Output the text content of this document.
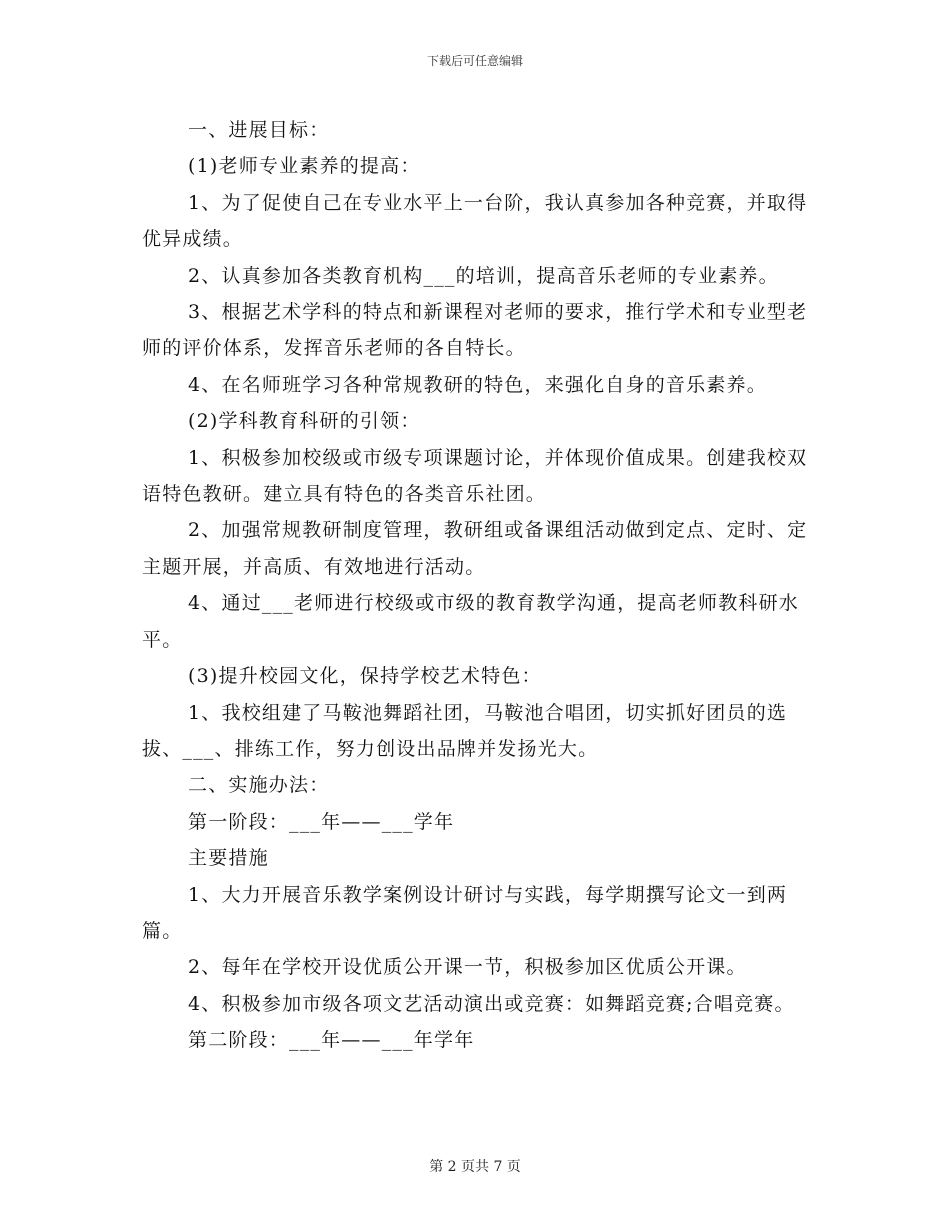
下载后可任意编辑

一、进展目标：

(1)老师专业素养的提高：

1、为了促使自己在专业水平上一台阶，我认真参加各种竞赛，并取得优异成绩。

2、认真参加各类教育机构___的培训，提高音乐老师的专业素养。

3、根据艺术学科的特点和新课程对老师的要求，推行学术和专业型老师的评价体系，发挥音乐老师的各自特长。

4、在名师班学习各种常规教研的特色，来强化自身的音乐素养。

(2)学科教育科研的引领：

1、积极参加校级或市级专项课题讨论，并体现价值成果。创建我校双语特色教研。建立具有特色的各类音乐社团。

2、加强常规教研制度管理，教研组或备课组活动做到定点、定时、定主题开展，并高质、有效地进行活动。

4、通过___老师进行校级或市级的教育教学沟通，提高老师教科研水平。

(3)提升校园文化，保持学校艺术特色：

1、我校组建了马鞍池舞蹈社团，马鞍池合唱团，切实抓好团员的选拔、___、排练工作，努力创设出品牌并发扬光大。

二、实施办法：

第一阶段：___年——___学年

主要措施

1、大力开展音乐教学案例设计研讨与实践，每学期撰写论文一到两篇。

2、每年在学校开设优质公开课一节，积极参加区优质公开课。

4、积极参加市级各项文艺活动演出或竞赛：如舞蹈竞赛;合唱竞赛。

第二阶段：___年——___年学年

第 2 页共 7 页
